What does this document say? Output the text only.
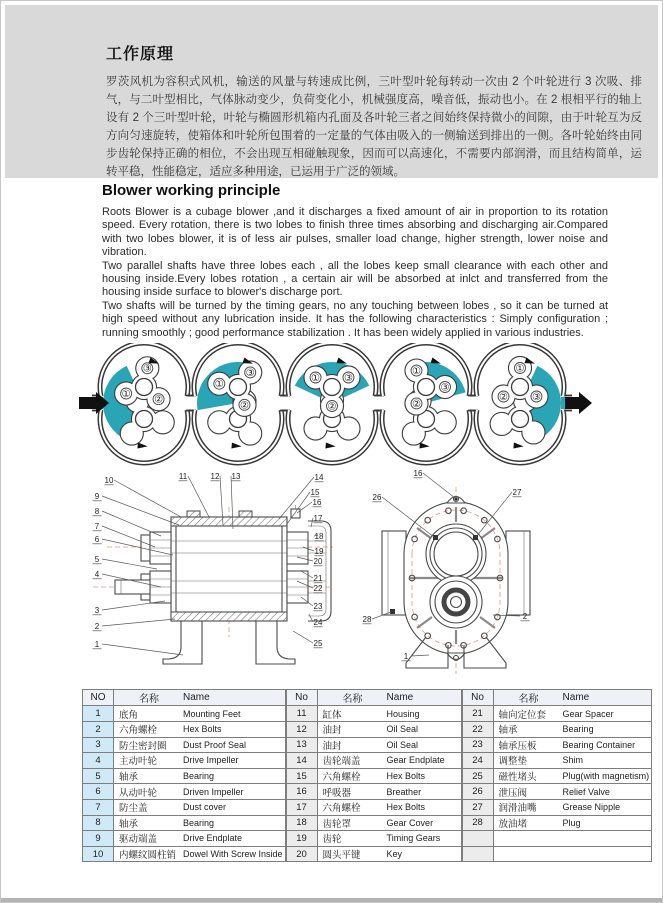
工作原理

罗茨风机为容积式风机，输送的风量与转速成比例，三叶型叶轮每转动一次由 2 个叶轮进行 3 次吸、排气，与二叶型相比，气体脉动变少，负荷变化小，机械强度高，噪音低，振动也小。在 2 根相平行的轴上设有 2 个三叶型叶轮，叶轮与椭圆形机箱内孔面及各叶轮三者之间始终保持微小的间隙，由于叶轮互为反方向匀速旋转，使箱体和叶轮所包围着的一定量的气体由吸入的一侧输送到排出的一侧。各叶轮始终由同步齿轮保持正确的相位，不会出现互相碰触现象，因而可以高速化，不需要内部润滑，而且结构简单，运转平稳，性能稳定，适应多种用途，已运用于广泛的领域。

Blower working principle

Roots Blower is a cubage blower ,and it discharges a fixed amount of air in proportion to its rotation speed. Every rotation, there is two lobes to finish three times absorbing and discharging air.Compared with two lobes blower, it is of less air pulses, smaller load change, higher strength, lower noise and vibration.

Two parallel shafts have three lobes each , all the lobes keep small clearance with each other and housing inside.Every lobes rotation , a certain air will be absorbed at inlct and transferred from the housing inside surface to blower's discharge port.

Two shafts will be turned by the timing gears, no any touching between lobes , so it can be turned at high speed without any lubrication inside. It has the following characteristics : Simply configuration ; running smoothly ; good performance stabilization . It has been widely applied in various industries.

①
②
③
①
②
③	①
②
③
①
②
③
①
② ③
1
2
3
4
5
6
7
8
9
10	11	12 13	14
15
16
17
18
19
20
21
22
23
24
25
16
26
27
28	2
1
NO	名称	Name
1	底角	Mounting Feet
2	六角螺栓	Hex Bolts
3	防尘密封圈	Dust Proof Seal
4	主动叶轮	Drive Impeller
5	轴承	Bearing
6	从动叶轮	Driven Impeller
7	防尘盖	Dust cover
8	轴承	Bearing
9	驱动端盖	Drive Endplate
10	内螺纹圆柱销	Dowel With Screw Inside
No	名称	Name
11	缸体	Housing
12	油封	Oil Seal
13	油封	Oil Seal
14	齿轮端盖	Gear Endplate
15	六角螺栓	Hex Bolts
16	呼吸器	Breather
17	六角螺栓	Hex Bolts
18	齿轮罩	Gear Cover
19	齿轮	Timing Gears
20	圆头平键	Key
No	名称	Name
21	轴向定位套	Gear Spacer
22	轴承	Bearing
23	轴承压板	Bearing Container
24	调整垫	Shim
25	磁性堵头	Plug(with magnetism)
26	泄压阀	Relief Valve
27	润滑油嘴	Grease Nipple
28	放油堵	Plug
